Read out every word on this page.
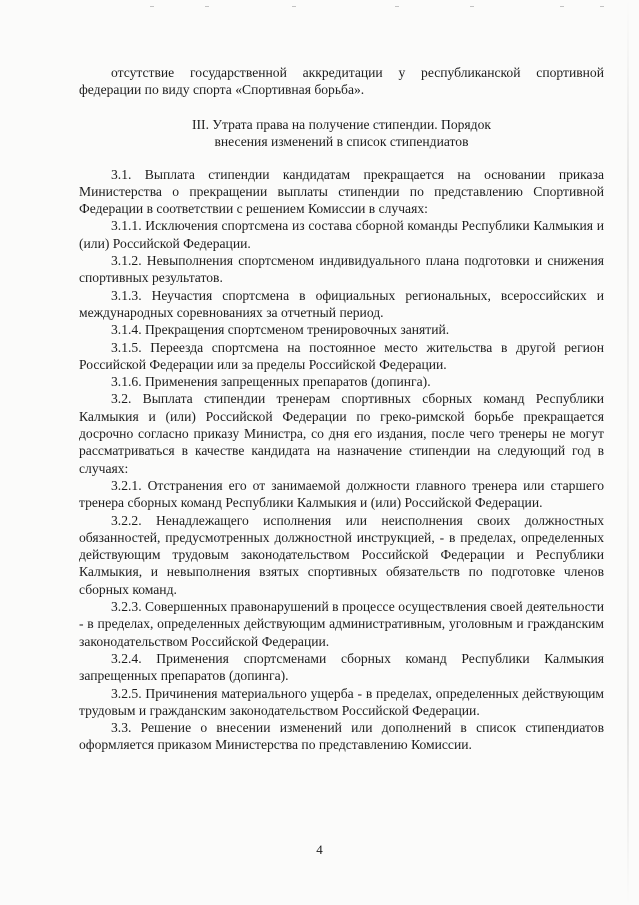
отсутствие государственной аккредитации у республиканской спортивной федерации по виду спорта «Спортивная борьба».

III. Утрата права на получение стипендии. Порядок
внесения изменений в список стипендиатов

3.1. Выплата стипендии кандидатам прекращается на основании приказа Министерства о прекращении выплаты стипендии по представлению Спортивной Федерации в соответствии с решением Комиссии в случаях:

3.1.1. Исключения спортсмена из состава сборной команды Республики Калмыкия и (или) Российской Федерации.

3.1.2. Невыполнения спортсменом индивидуального плана подготовки и снижения спортивных результатов.

3.1.3. Неучастия спортсмена в официальных региональных, всероссийских и международных соревнованиях за отчетный период.

3.1.4. Прекращения спортсменом тренировочных занятий.

3.1.5. Переезда спортсмена на постоянное место жительства в другой регион Российской Федерации или за пределы Российской Федерации.

3.1.6. Применения запрещенных препаратов (допинга).

3.2. Выплата стипендии тренерам спортивных сборных команд Республики Калмыкия и (или) Российской Федерации по греко-римской борьбе прекращается досрочно согласно приказу Министра, со дня его издания, после чего тренеры не могут рассматриваться в качестве кандидата на назначение стипендии на следующий год в случаях:

3.2.1. Отстранения его от занимаемой должности главного тренера или старшего тренера сборных команд Республики Калмыкия и (или) Российской Федерации.

3.2.2. Ненадлежащего исполнения или неисполнения своих должностных обязанностей, предусмотренных должностной инструкцией, - в пределах, определенных действующим трудовым законодательством Российской Федерации и Республики Калмыкия, и невыполнения взятых спортивных обязательств по подготовке членов сборных команд.

3.2.3. Совершенных правонарушений в процессе осуществления своей деятельности - в пределах, определенных действующим административным, уголовным и гражданским законодательством Российской Федерации.

3.2.4. Применения спортсменами сборных команд Республики Калмыкия запрещенных препаратов (допинга).

3.2.5. Причинения материального ущерба - в пределах, определенных действующим трудовым и гражданским законодательством Российской Федерации.

3.3. Решение о внесении изменений или дополнений в список стипендиатов оформляется приказом Министерства по представлению Комиссии.

4
